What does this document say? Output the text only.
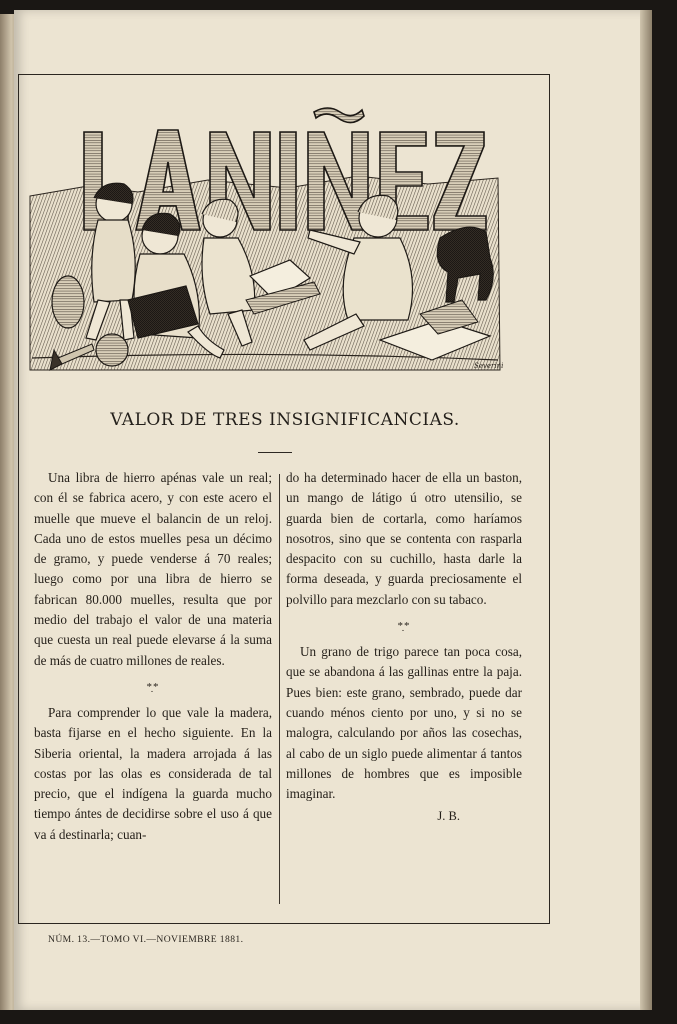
Severini
VALOR DE TRES INSIGNIFICANCIAS.

Una libra de hierro apénas vale un real; con él se fabrica acero, y con este acero el muelle que mueve el balancin de un reloj. Cada uno de estos muelles pesa un décimo de gramo, y puede venderse á 70 reales; luego como por una libra de hierro se fabrican 80.000 muelles, resulta que por medio del trabajo el valor de una materia que cuesta un real puede elevarse á la suma de más de cuatro millones de reales.

*̣*

Para comprender lo que vale la madera, basta fijarse en el hecho siguiente. En la Siberia oriental, la madera arrojada á las costas por las olas es considerada de tal precio, que el indígena la guarda mucho tiempo ántes de decidirse sobre el uso á que va á destinarla; cuan-

do ha determinado hacer de ella un baston, un mango de látigo ú otro utensilio, se guarda bien de cortarla, como haríamos nosotros, sino que se contenta con rasparla despacito con su cuchillo, hasta darle la forma deseada, y guarda preciosamente el polvillo para mezclarlo con su tabaco.

*̣*

Un grano de trigo parece tan poca cosa, que se abandona á las gallinas entre la paja. Pues bien: este grano, sembrado, puede dar cuando ménos ciento por uno, y si no se malogra, calculando por años las cosechas, al cabo de un siglo puede alimentar á tantos millones de hombres que es imposible imaginar.

J. B.
NÚM. 13.—TOMO VI.—NOVIEMBRE 1881.
